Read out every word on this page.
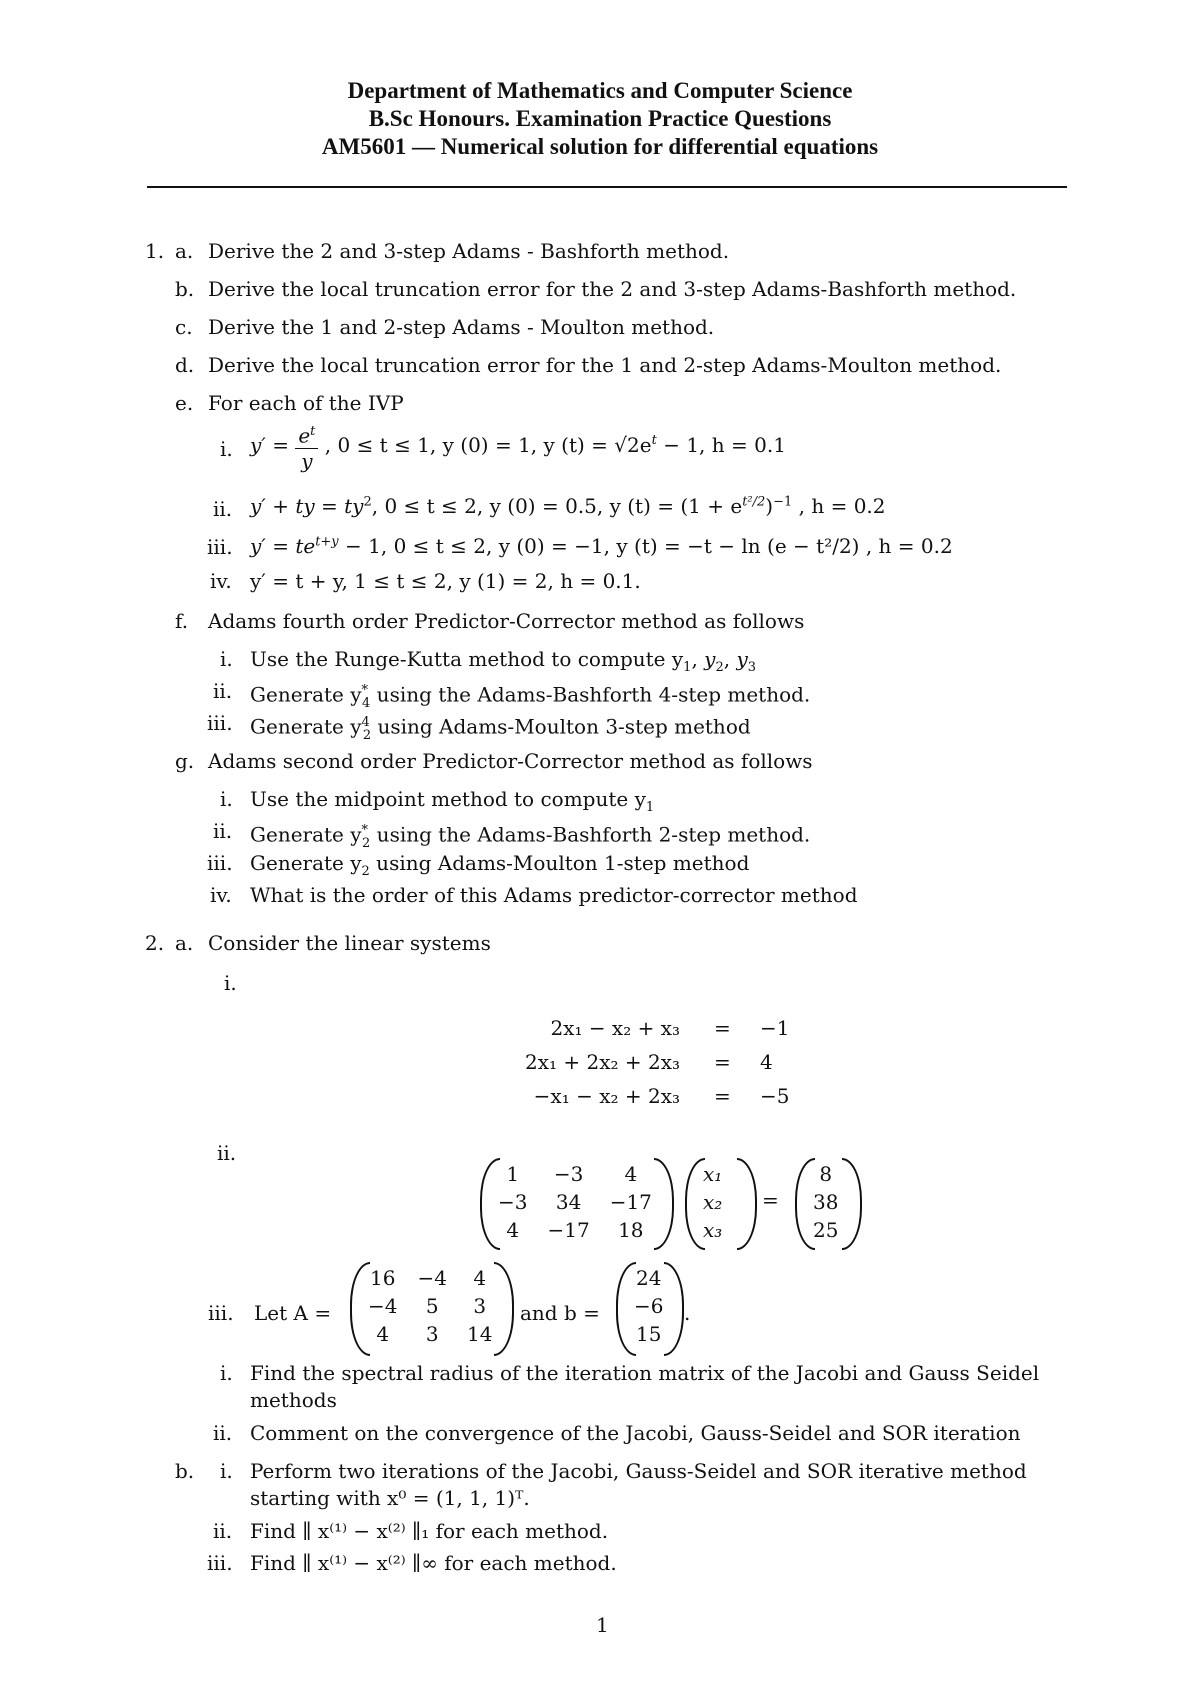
Department of Mathematics and Computer Science
B.Sc Honours. Examination Practice Questions
AM5601 — Numerical solution for differential equations
1. a. Derive the 2 and 3-step Adams - Bashforth method.
b. Derive the local truncation error for the 2 and 3-step Adams-Bashforth method.
c. Derive the 1 and 2-step Adams - Moulton method.
d. Derive the local truncation error for the 1 and 2-step Adams-Moulton method.
e. For each of the IVP
i. $y' = \frac{e^t}{y}$ , 0 ≤ t ≤ 1, y (0) = 1, y $(t) = √2e^t - 1$, h = 0.1
ii. y′ + ty = $ty^2$, 0 ≤ t ≤ 2, y (0) = 0.5, y $(t) = (1 + e^{t^2/2})^{-1}$ , h = 0.2
iii. $y' = te^{t+y} - 1$, 0 ≤ t ≤ 2, y (0) = −1, y (t) = −t − ln (e − t²/2) , h = 0.2
iv. y′ = t + y, 1 ≤ t ≤ 2, y (1) = 2, h = 0.1.
f. Adams fourth order Predictor-Corrector method as follows
i. Use the Runge-Kutta method to compute $y_1$, $y_2$, $y_3$
ii. Generate $y^*_4$ using the Adams-Bashforth 4-step method.
iii. Generate $y^4_2$ using Adams-Moulton 3-step method
g. Adams second order Predictor-Corrector method as follows
i. Use the midpoint method to compute $y_1$
ii. Generate $y^*_2$ using the Adams-Bashforth 2-step method.
iii. Generate $y_2$ using Adams-Moulton 1-step method
iv. What is the order of this Adams predictor-corrector method
2. a. Consider the linear systems
i.
2x₁ − x₂ + x₃ = −1
2x₁ + 2x₂ + 2x₃ = 4
−x₁ − x₂ + 2x₃ = −5
ii.
1	−3	4
−3	34	−17
4	−17	18
x₁
x₂
x₃
=
8
38
25
iii. Let A =
16	−4	4
−4	5	3
4	3	14
and b =
24
−6
15
.
i. Find the spectral radius of the iteration matrix of the Jacobi and Gauss Seidel
methods
ii. Comment on the convergence of the Jacobi, Gauss-Seidel and SOR iteration
b. i. Perform two iterations of the Jacobi, Gauss-Seidel and SOR iterative method
starting with x⁰ = (1, 1, 1)ᵀ.
ii. Find ∥ x⁽¹⁾ − x⁽²⁾ ∥₁ for each method.
iii. Find ∥ x⁽¹⁾ − x⁽²⁾ ∥∞ for each method.
1
